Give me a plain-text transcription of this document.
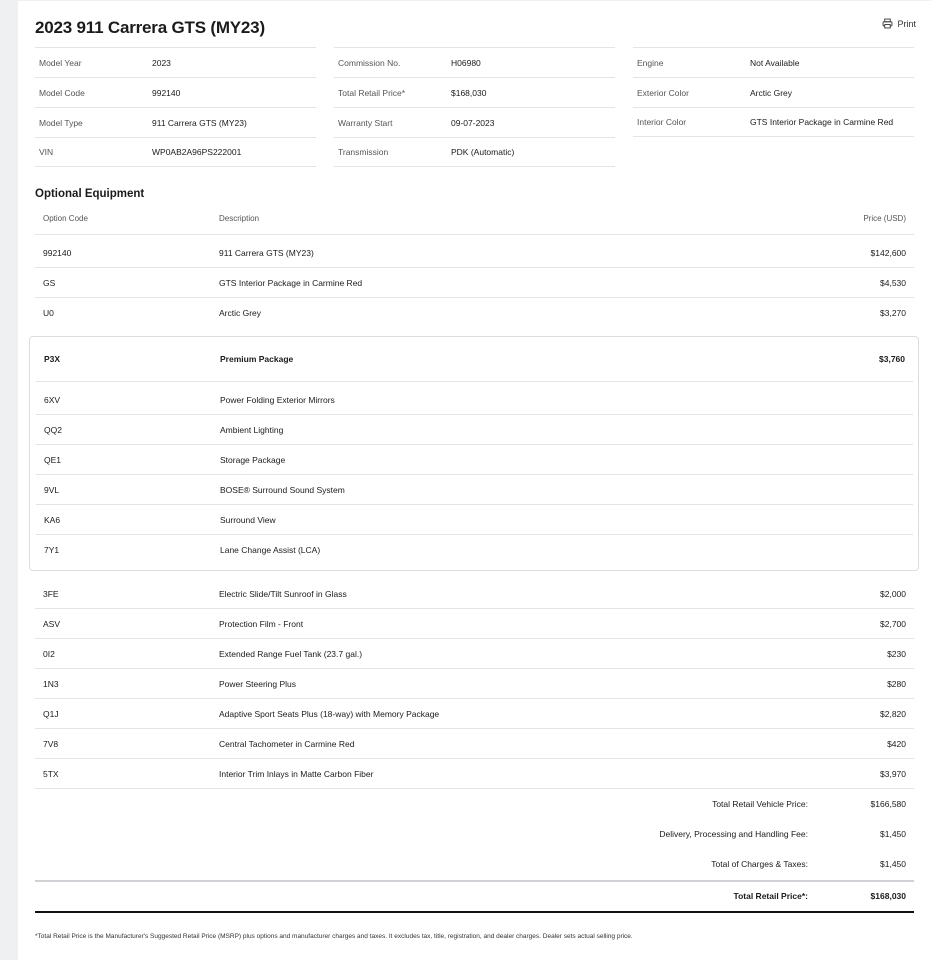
2023 911 Carrera GTS (MY23)	Print
Model Year	2023
Model Code	992140
Model Type	911 Carrera GTS (MY23)
VIN	WP0AB2A96PS222001
Commission No.	H06980
Total Retail Price*	$168,030
Warranty Start	09-07-2023
Transmission	PDK (Automatic)
Engine	Not Available
Exterior Color	Arctic Grey
Interior Color	GTS Interior Package in Carmine Red
Optional Equipment
Option Code	Description	Price (USD)
992140	911 Carrera GTS (MY23)	$142,600
GS	GTS Interior Package in Carmine Red	$4,530
U0	Arctic Grey	$3,270
P3X	Premium Package	$3,760
6XV	Power Folding Exterior Mirrors
QQ2	Ambient Lighting
QE1	Storage Package
9VL	BOSE® Surround Sound System
KA6	Surround View
7Y1	Lane Change Assist (LCA)
3FE	Electric Slide/Tilt Sunroof in Glass	$2,000
ASV	Protection Film - Front	$2,700
0I2	Extended Range Fuel Tank (23.7 gal.)	$230
1N3	Power Steering Plus	$280
Q1J	Adaptive Sport Seats Plus (18-way) with Memory Package	$2,820
7V8	Central Tachometer in Carmine Red	$420
5TX	Interior Trim Inlays in Matte Carbon Fiber	$3,970
Total Retail Vehicle Price:	$166,580
Delivery, Processing and Handling Fee:	$1,450
Total of Charges & Taxes:	$1,450
Total Retail Price*:	$168,030

*Total Retail Price is the Manufacturer's Suggested Retail Price (MSRP) plus options and manufacturer charges and taxes. It excludes tax, title, registration, and dealer charges. Dealer sets actual selling price.
